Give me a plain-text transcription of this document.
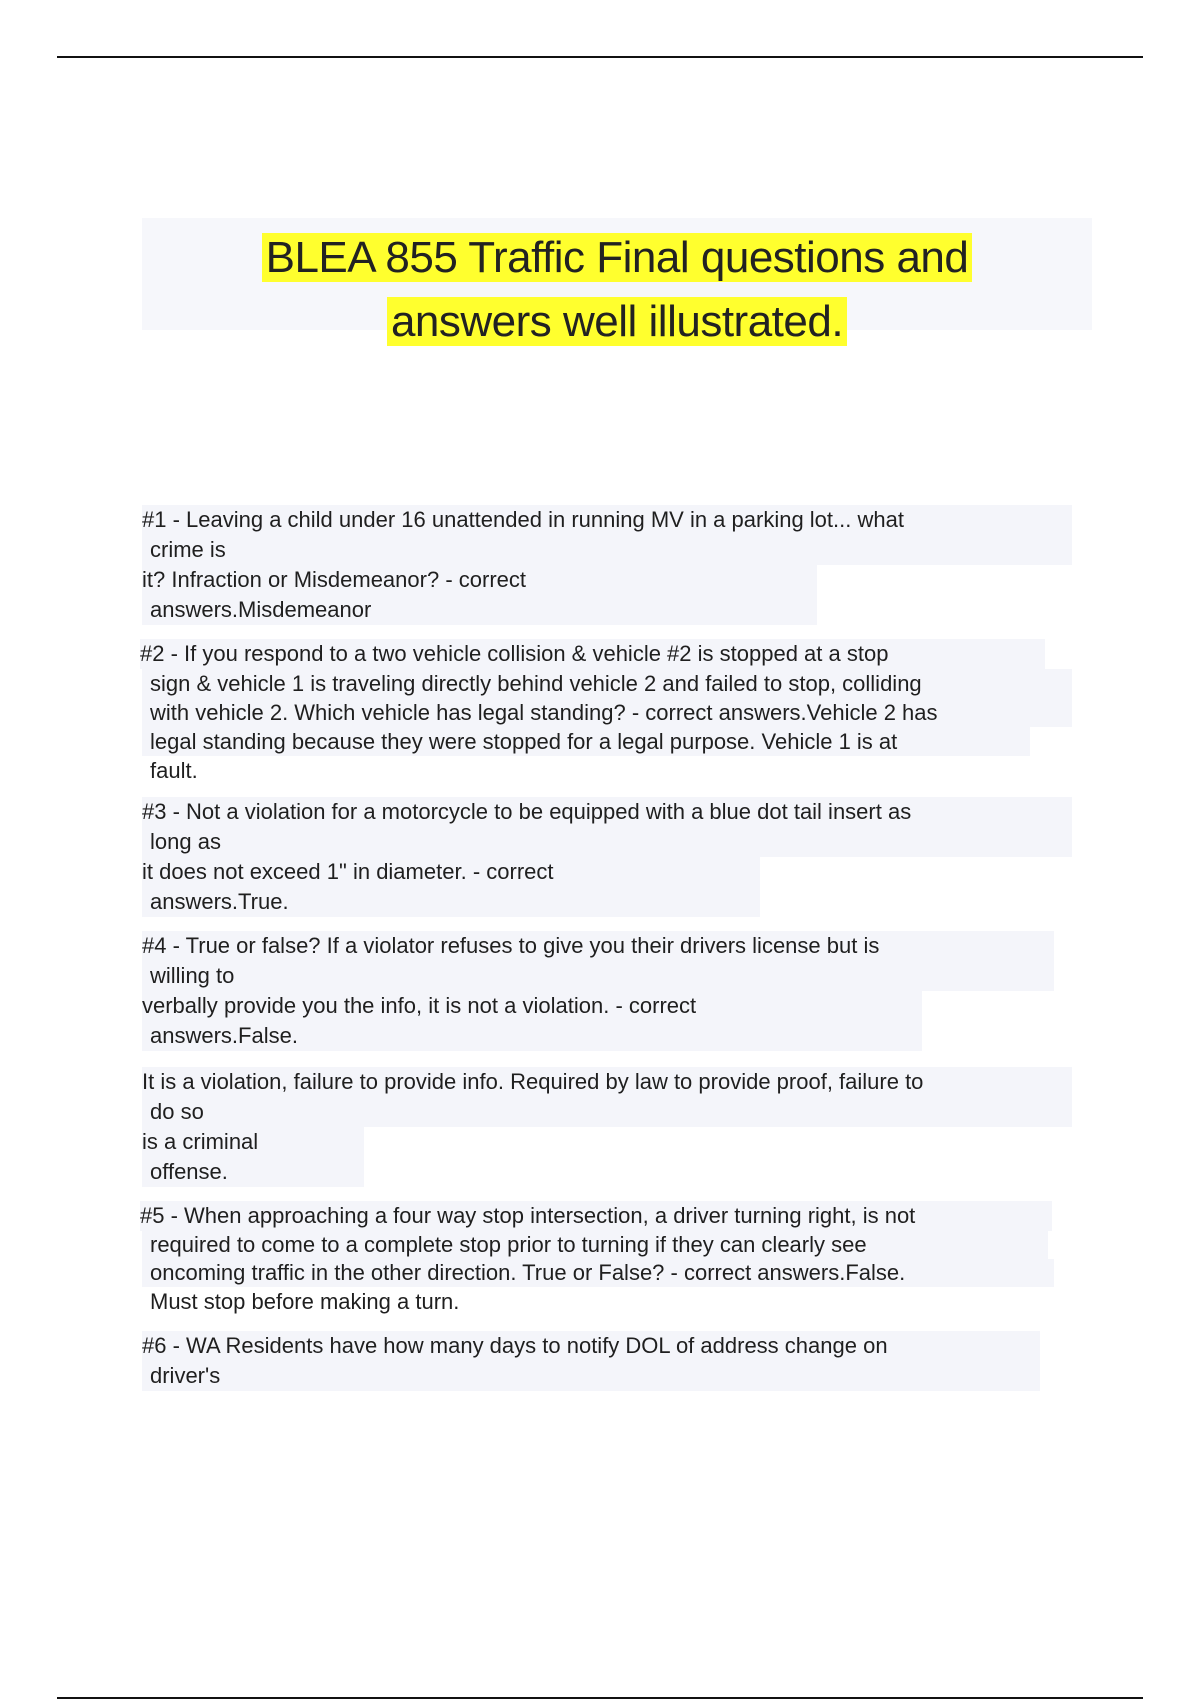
BLEA 855 Traffic Final questions and
answers well illustrated.
#1 - Leaving a child under 16 unattended in running MV in a parking lot... what
crime is
it? Infraction or Misdemeanor? - correct
answers.Misdemeanor
#2 - If you respond to a two vehicle collision & vehicle #2 is stopped at a stop
sign & vehicle 1 is traveling directly behind vehicle 2 and failed to stop, colliding
with vehicle 2. Which vehicle has legal standing? - correct answers.Vehicle 2 has
legal standing because they were stopped for a legal purpose. Vehicle 1 is at
fault.
#3 - Not a violation for a motorcycle to be equipped with a blue dot tail insert as
long as
it does not exceed 1" in diameter. - correct
answers.True.
#4 - True or false? If a violator refuses to give you their drivers license but is
willing to
verbally provide you the info, it is not a violation. - correct
answers.False.
It is a violation, failure to provide info. Required by law to provide proof, failure to
do so
is a criminal
offense.
#5 - When approaching a four way stop intersection, a driver turning right, is not
required to come to a complete stop prior to turning if they can clearly see
oncoming traffic in the other direction. True or False? - correct answers.False.
Must stop before making a turn.
#6 - WA Residents have how many days to notify DOL of address change on
driver's
